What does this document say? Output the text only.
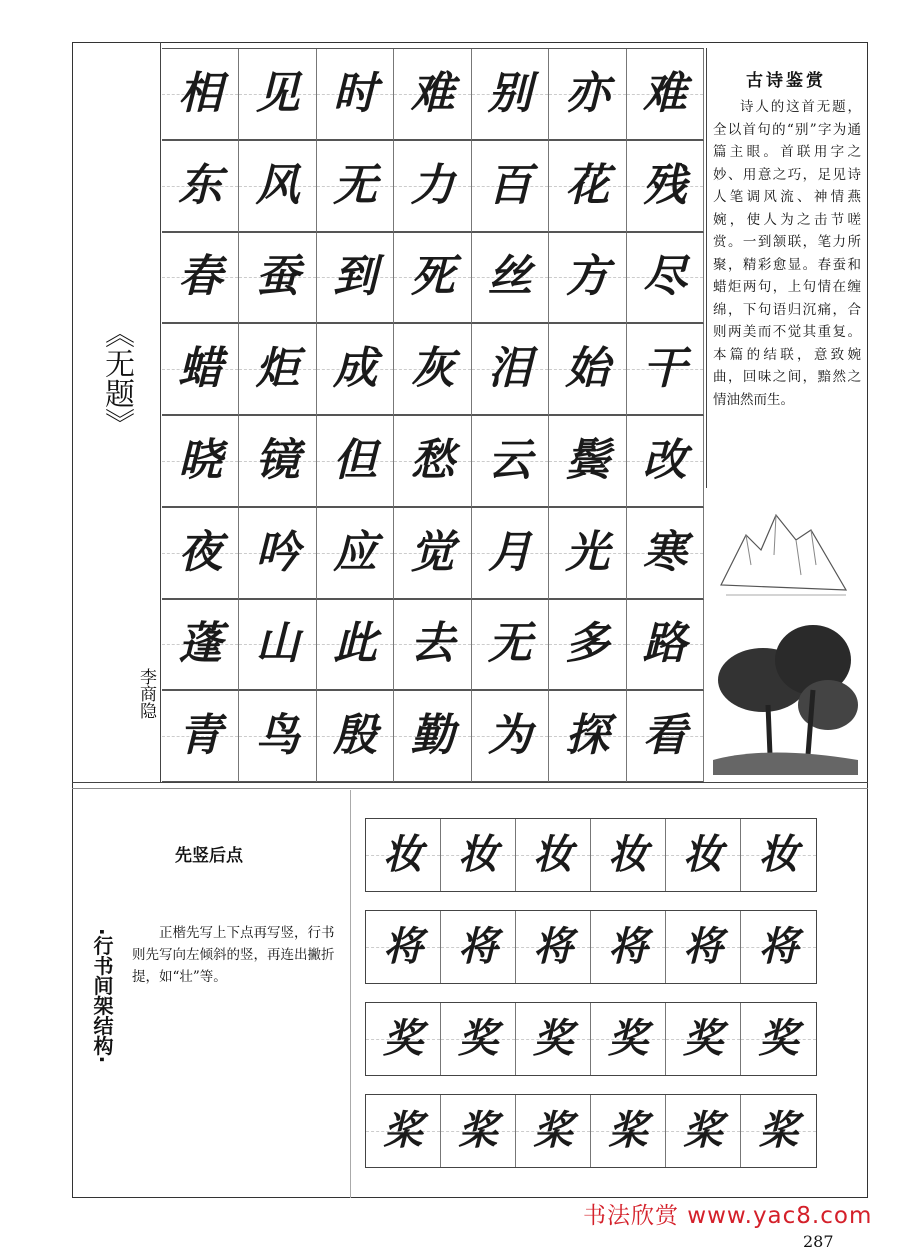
《无题》
李商隐
相 见 时 难 别 亦 难
东 风 无 力 百 花 残
春 蚕 到 死 丝 方 尽
蜡 炬 成 灰 泪 始 干
晓 镜 但 愁 云 鬓 改
夜 吟 应 觉 月 光 寒
蓬 山 此 去 无 多 路
青 鸟 殷 勤 为 探 看
古诗鉴赏

诗人的这首无题，全以首句的“别”字为通篇主眼。首联用字之妙、用意之巧，足见诗人笔调风流、神情燕婉，使人为之击节嗟赏。一到颔联，笔力所聚，精彩愈显。春蚕和蜡炬两句，上句情在缠绵，下句语归沉痛，合则两美而不觉其重复。本篇的结联，意致婉曲，回味之间，黯然之情油然而生。

·行书间架结构·
先竖后点
正楷先写上下点再写竖，行书则先写向左倾斜的竖，再连出撇折提，如“壮”等。
妆 妆 妆 妆 妆 妆
将 将 将 将 将 将
奖 奖 奖 奖 奖 奖
桨 桨 桨 桨 桨 桨
书法欣赏 www.yac8.com
287
